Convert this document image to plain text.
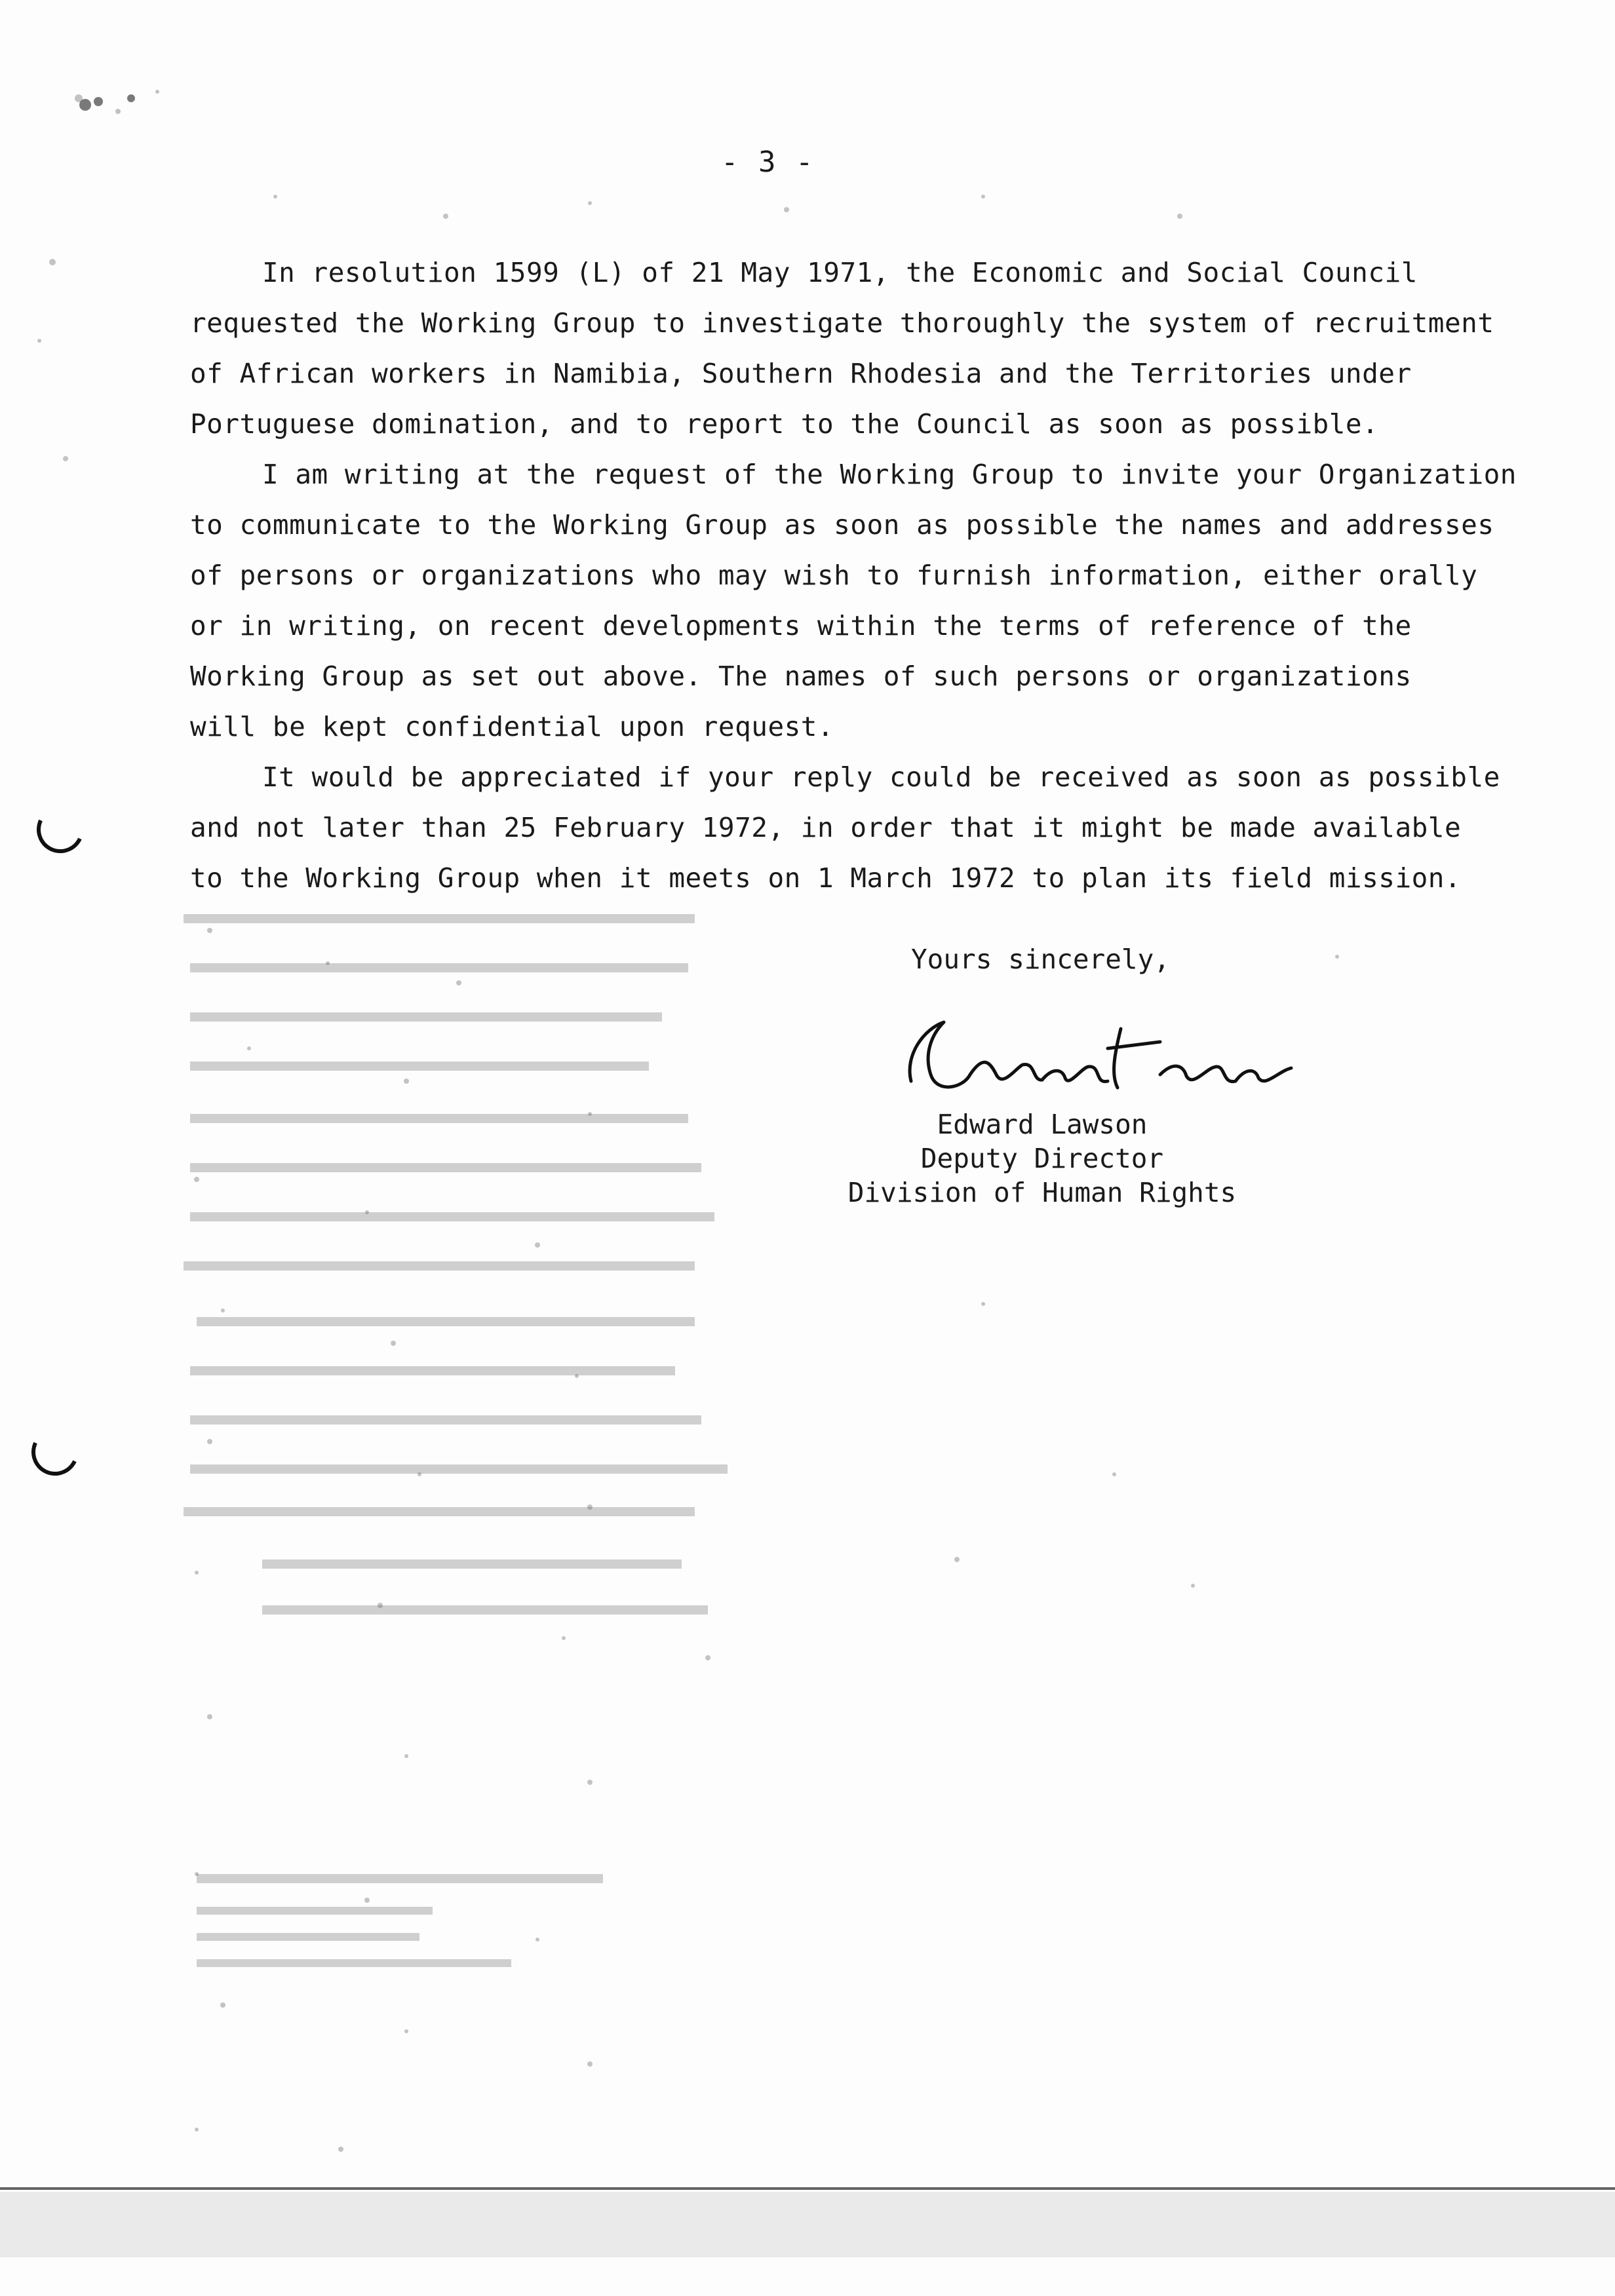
- 3 -

In resolution 1599 (L) of 21 May 1971, the Economic and Social Council
requested the Working Group to investigate thoroughly the system of recruitment
of African workers in Namibia, Southern Rhodesia and the Territories under
Portuguese domination, and to report to the Council as soon as possible.

I am writing at the request of the Working Group to invite your Organization
to communicate to the Working Group as soon as possible the names and addresses
of persons or organizations who may wish to furnish information, either orally
or in writing, on recent developments within the terms of reference of the
Working Group as set out above. The names of such persons or organizations
will be kept confidential upon request.

It would be appreciated if your reply could be received as soon as possible
and not later than 25 February 1972, in order that it might be made available
to the Working Group when it meets on 1 March 1972 to plan its field mission.

Yours sincerely,
Edward Lawson
Deputy Director
Division of Human Rights
